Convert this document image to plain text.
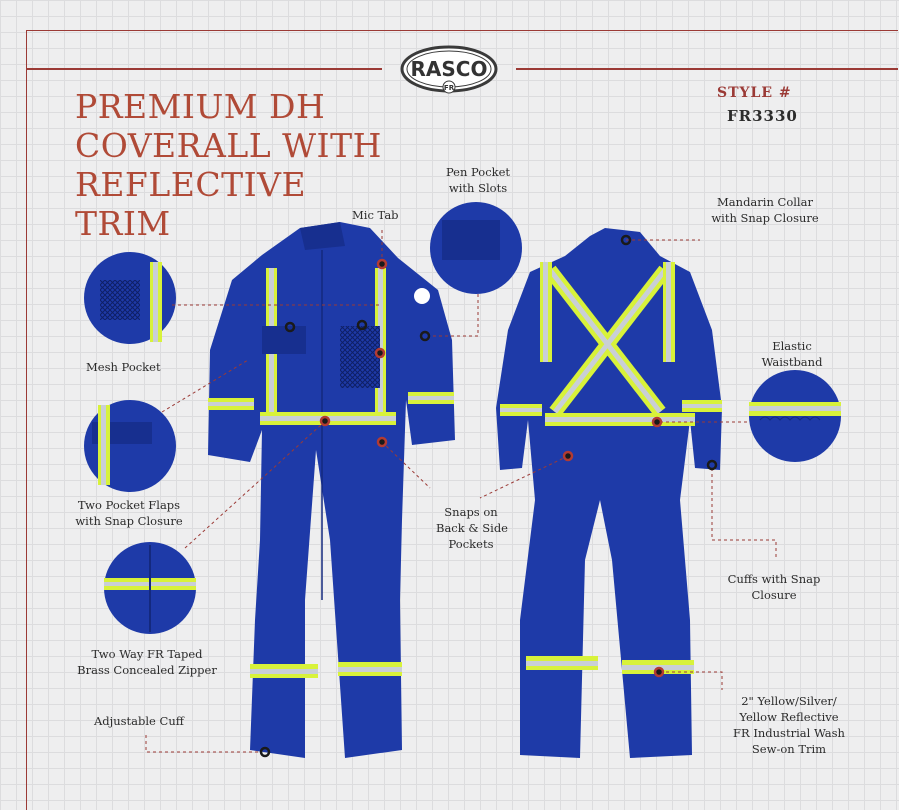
RASCO
FR
PREMIUM DH COVERALL WITH REFLECTIVE TRIM
STYLE #
FR3330
Mic Tab
Pen Pocket
with Slots
Mandarin Collar
with Snap Closure
Mesh Pocket
Elastic
Waistband
Two Pocket Flaps
with Snap Closure
Snaps on
Back & Side
Pockets
Cuffs with Snap
Closure
Two Way FR Taped
Brass Concealed Zipper
Adjustable Cuff
2" Yellow/Silver/
Yellow Reflective
FR Industrial Wash
Sew-on Trim
